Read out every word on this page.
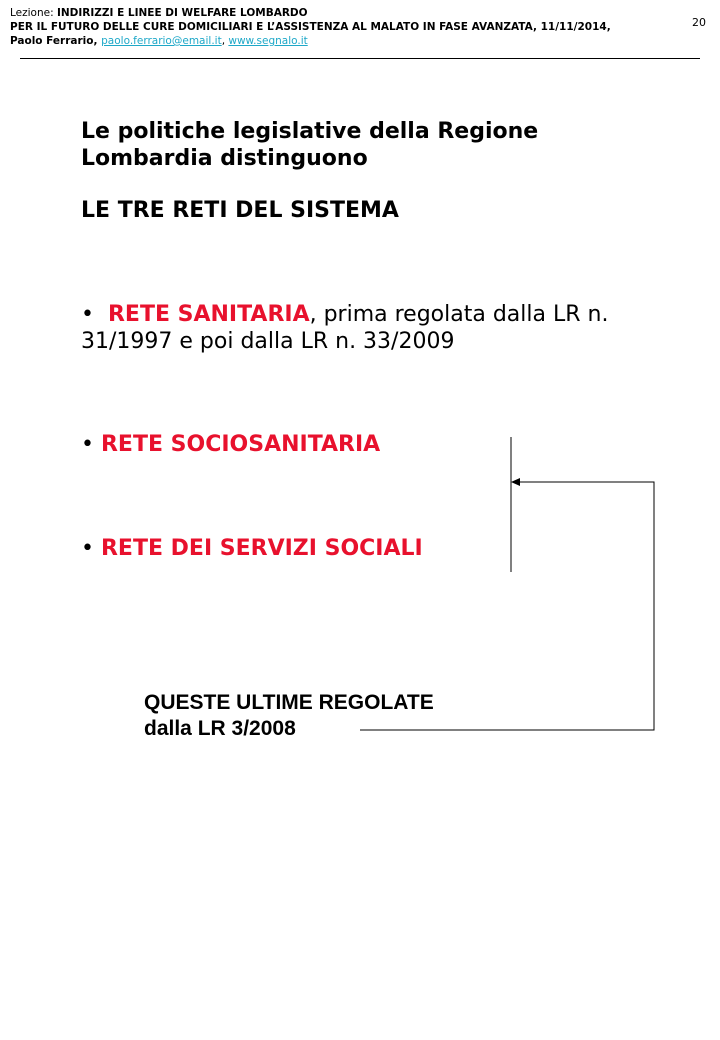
Lezione: INDIRIZZI E LINEE DI WELFARE LOMBARDO
PER IL FUTURO DELLE CURE DOMICILIARI E L’ASSISTENZA AL MALATO IN FASE AVANZATA, 11/11/2014,
Paolo Ferrario, paolo.ferrario@email.it, www.segnalo.it
20
Le politiche legislative della Regione
Lombardia distinguono
LE TRE RETI DEL SISTEMA
• RETE SANITARIA, prima regolata dalla LR n. 31/1997 e poi dalla LR n. 33/2009
• RETE SOCIOSANITARIA
• RETE DEI SERVIZI SOCIALI
QUESTE ULTIME REGOLATE
dalla LR 3/2008
